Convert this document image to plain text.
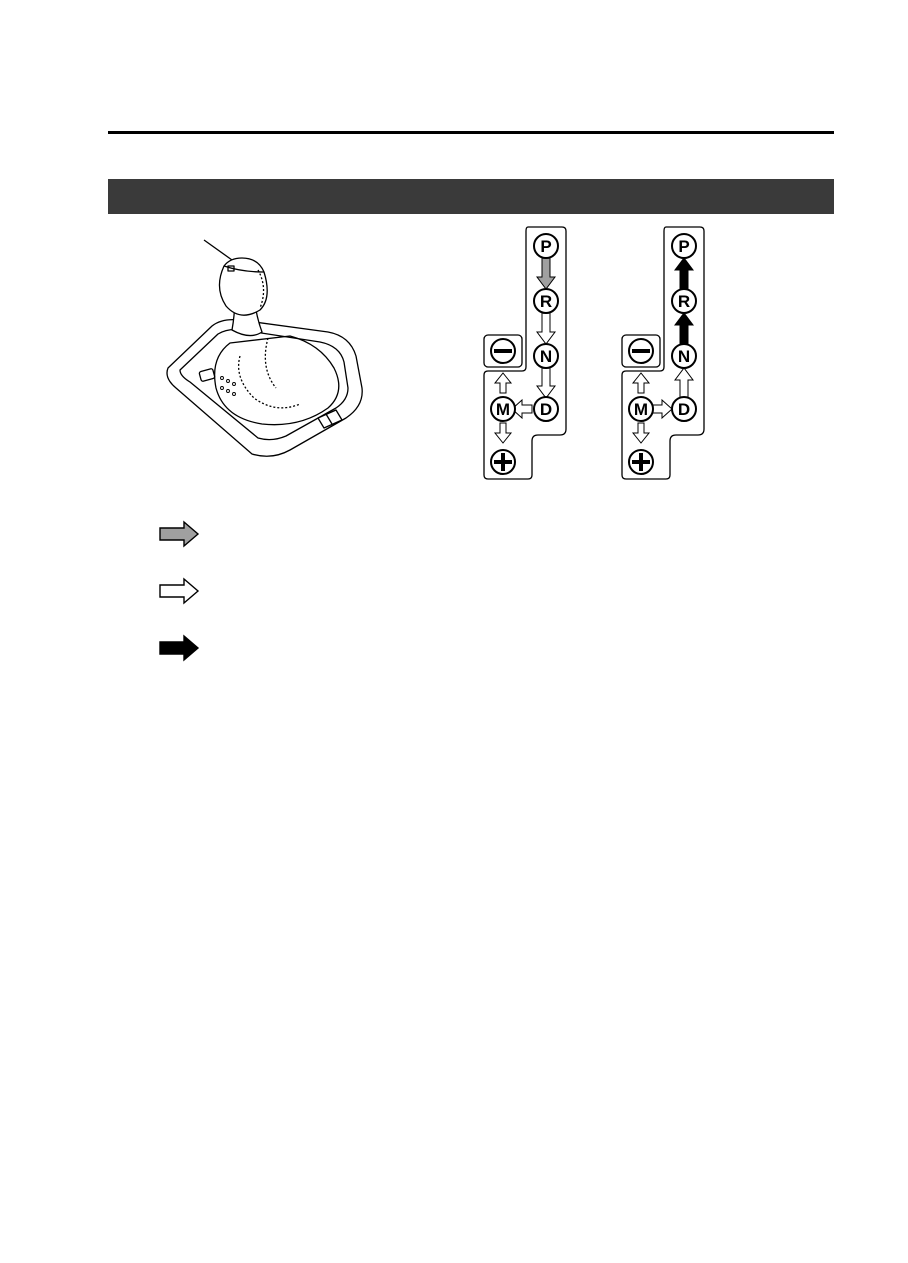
P
R
N
D
M
P
R
N
D
M
